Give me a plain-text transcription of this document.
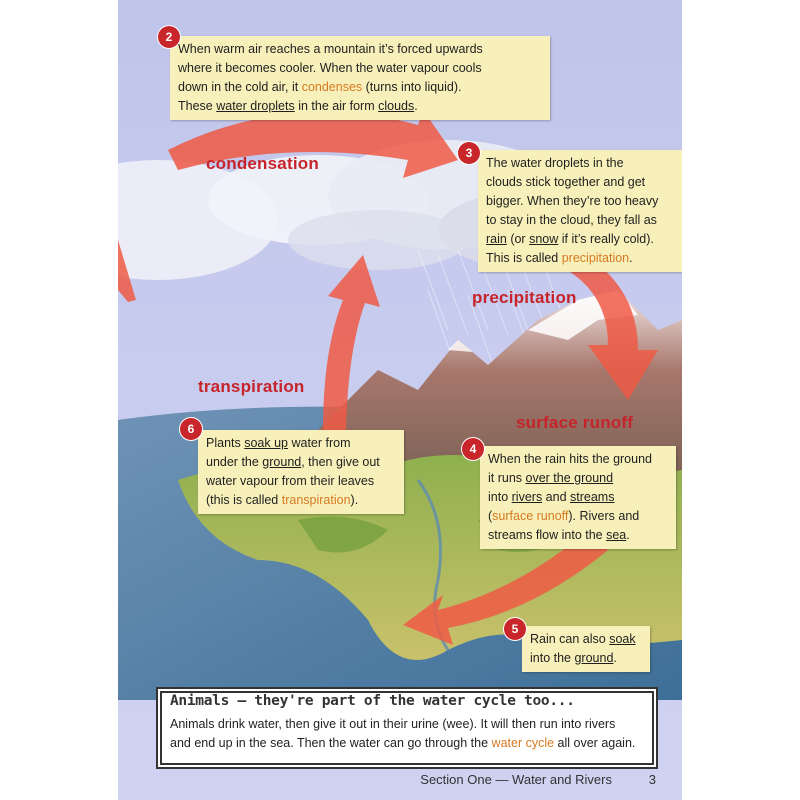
condensation
precipitation
transpiration
surface runoff
When warm air reaches a mountain it’s forced upwards
where it becomes cooler. When the water vapour cools
down in the cold air, it condenses (turns into liquid).
These water droplets in the air form clouds.
2
The water droplets in the
clouds stick together and get
bigger. When they’re too heavy
to stay in the cloud, they fall as
rain (or snow if it’s really cold).
This is called precipitation.
3
Plants soak up water from
under the ground, then give out
water vapour from their leaves
(this is called transpiration).
6
When the rain hits the ground
it runs over the ground
into rivers and streams
(surface runoff). Rivers and
streams flow into the sea.
4
Rain can also soak
into the ground.
5
Animals – they're part of the water cycle too...
Animals drink water, then give it out in their urine (wee). It will then run into rivers
and end up in the sea. Then the water can go through the water cycle all over again.
Section One — Water and Rivers	3
